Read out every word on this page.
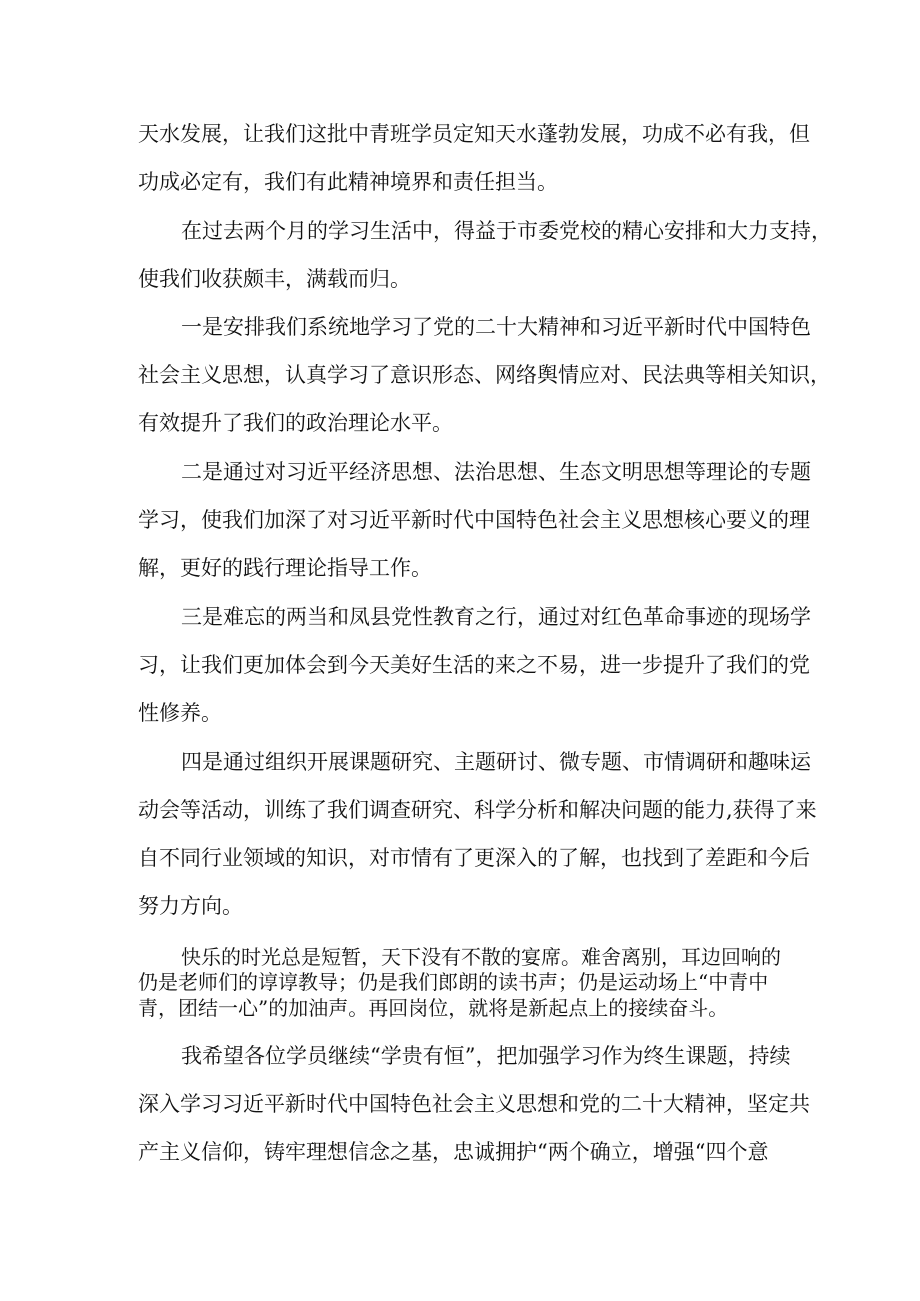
天水发展，让我们这批中青班学员定知天水蓬勃发展，功成不必有我，但

功成必定有，我们有此精神境界和责任担当。

在过去两个月的学习生活中，得益于市委党校的精心安排和大力支持，

使我们收获颇丰，满载而归。

一是安排我们系统地学习了党的二十大精神和习近平新时代中国特色

社会主义思想，认真学习了意识形态、网络舆情应对、民法典等相关知识，

有效提升了我们的政治理论水平。

二是通过对习近平经济思想、法治思想、生态文明思想等理论的专题

学习，使我们加深了对习近平新时代中国特色社会主义思想核心要义的理

解，更好的践行理论指导工作。

三是难忘的两当和凤县党性教育之行，通过对红色革命事迹的现场学

习，让我们更加体会到今天美好生活的来之不易，进一步提升了我们的党

性修养。

四是通过组织开展课题研究、主题研讨、微专题、市情调研和趣味运

动会等活动，训练了我们调查研究、科学分析和解决问题的能力,获得了来

自不同行业领域的知识，对市情有了更深入的了解，也找到了差距和今后

努力方向。

快乐的时光总是短暂，天下没有不散的宴席。难舍离别，耳边回响的

仍是老师们的谆谆教导；仍是我们郎朗的读书声；仍是运动场上“中青中

青，团结一心”的加油声。再回岗位，就将是新起点上的接续奋斗。

我希望各位学员继续“学贵有恒”，把加强学习作为终生课题，持续

深入学习习近平新时代中国特色社会主义思想和党的二十大精神，坚定共

产主义信仰，铸牢理想信念之基，忠诚拥护“两个确立，增强“四个意
